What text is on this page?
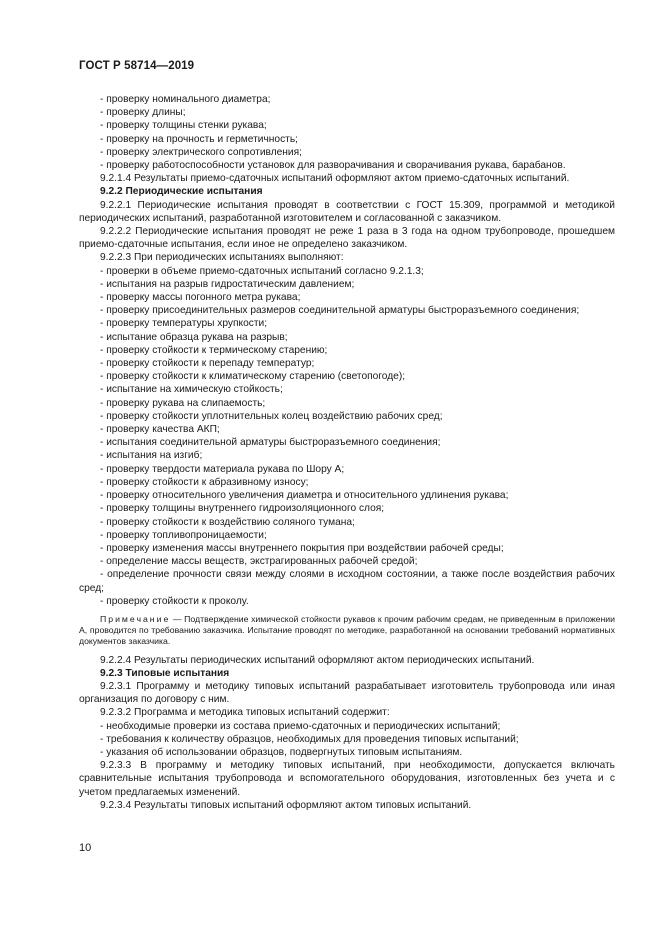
ГОСТ Р 58714—2019

- проверку номинального диаметра;

- проверку длины;

- проверку толщины стенки рукава;

- проверку на прочность и герметичность;

- проверку электрического сопротивления;

- проверку работоспособности установок для разворачивания и сворачивания рукава, барабанов.

9.2.1.4 Результаты приемо-сдаточных испытаний оформляют актом приемо-сдаточных испытаний.

9.2.2 Периодические испытания

9.2.2.1 Периодические испытания проводят в соответствии с ГОСТ 15.309, программой и методикой периодических испытаний, разработанной изготовителем и согласованной с заказчиком.

9.2.2.2 Периодические испытания проводят не реже 1 раза в 3 года на одном трубопроводе, прошедшем приемо-сдаточные испытания, если иное не определено заказчиком.

9.2.2.3 При периодических испытаниях выполняют:

- проверки в объеме приемо-сдаточных испытаний согласно 9.2.1.3;

- испытания на разрыв гидростатическим давлением;

- проверку массы погонного метра рукава;

- проверку присоединительных размеров соединительной арматуры быстроразъемного соединения;

- проверку температуры хрупкости;

- испытание образца рукава на разрыв;

- проверку стойкости к термическому старению;

- проверку стойкости к перепаду температур;

- проверку стойкости к климатическому старению (светопогоде);

- испытание на химическую стойкость;

- проверку рукава на слипаемость;

- проверку стойкости уплотнительных колец воздействию рабочих сред;

- проверку качества АКП;

- испытания соединительной арматуры быстроразъемного соединения;

- испытания на изгиб;

- проверку твердости материала рукава по Шору А;

- проверку стойкости к абразивному износу;

- проверку относительного увеличения диаметра и относительного удлинения рукава;

- проверку толщины внутреннего гидроизоляционного слоя;

- проверку стойкости к воздействию соляного тумана;

- проверку топливопроницаемости;

- проверку изменения массы внутреннего покрытия при воздействии рабочей среды;

- определение массы веществ, экстрагированных рабочей средой;

- определение прочности связи между слоями в исходном состоянии, а также после воздействия рабочих сред;

- проверку стойкости к проколу.

Примечание — Подтверждение химической стойкости рукавов к прочим рабочим средам, не приведенным в приложении А, проводится по требованию заказчика. Испытание проводят по методике, разработанной на основании требований нормативных документов заказчика.

9.2.2.4 Результаты периодических испытаний оформляют актом периодических испытаний.

9.2.3 Типовые испытания

9.2.3.1 Программу и методику типовых испытаний разрабатывает изготовитель трубопровода или иная организация по договору с ним.

9.2.3.2 Программа и методика типовых испытаний содержит:

- необходимые проверки из состава приемо-сдаточных и периодических испытаний;

- требования к количеству образцов, необходимых для проведения типовых испытаний;

- указания об использовании образцов, подвергнутых типовым испытаниям.

9.2.3.3 В программу и методику типовых испытаний, при необходимости, допускается включать сравнительные испытания трубопровода и вспомогательного оборудования, изготовленных без учета и с учетом предлагаемых изменений.

9.2.3.4 Результаты типовых испытаний оформляют актом типовых испытаний.

10
